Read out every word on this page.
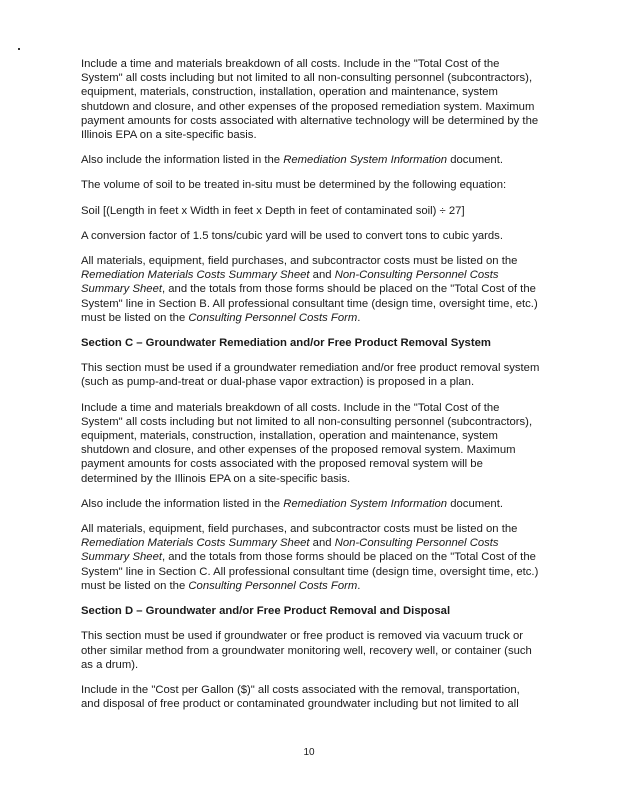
Include a time and materials breakdown of all costs. Include in the "Total Cost of the System" all costs including but not limited to all non-consulting personnel (subcontractors), equipment, materials, construction, installation, operation and maintenance, system shutdown and closure, and other expenses of the proposed remediation system. Maximum payment amounts for costs associated with alternative technology will be determined by the Illinois EPA on a site-specific basis.

Also include the information listed in the Remediation System Information document.

The volume of soil to be treated in-situ must be determined by the following equation:

Soil [(Length in feet x Width in feet x Depth in feet of contaminated soil) ÷ 27]

A conversion factor of 1.5 tons/cubic yard will be used to convert tons to cubic yards.

All materials, equipment, field purchases, and subcontractor costs must be listed on the Remediation Materials Costs Summary Sheet and Non-Consulting Personnel Costs Summary Sheet, and the totals from those forms should be placed on the "Total Cost of the System" line in Section B. All professional consultant time (design time, oversight time, etc.) must be listed on the Consulting Personnel Costs Form.

Section C – Groundwater Remediation and/or Free Product Removal System

This section must be used if a groundwater remediation and/or free product removal system (such as pump-and-treat or dual-phase vapor extraction) is proposed in a plan.

Include a time and materials breakdown of all costs. Include in the "Total Cost of the System" all costs including but not limited to all non-consulting personnel (subcontractors), equipment, materials, construction, installation, operation and maintenance, system shutdown and closure, and other expenses of the proposed removal system. Maximum payment amounts for costs associated with the proposed removal system will be determined by the Illinois EPA on a site-specific basis.

Also include the information listed in the Remediation System Information document.

All materials, equipment, field purchases, and subcontractor costs must be listed on the Remediation Materials Costs Summary Sheet and Non-Consulting Personnel Costs Summary Sheet, and the totals from those forms should be placed on the "Total Cost of the System" line in Section C. All professional consultant time (design time, oversight time, etc.) must be listed on the Consulting Personnel Costs Form.

Section D – Groundwater and/or Free Product Removal and Disposal

This section must be used if groundwater or free product is removed via vacuum truck or other similar method from a groundwater monitoring well, recovery well, or container (such as a drum).

Include in the "Cost per Gallon ($)" all costs associated with the removal, transportation, and disposal of free product or contaminated groundwater including but not limited to all

10
